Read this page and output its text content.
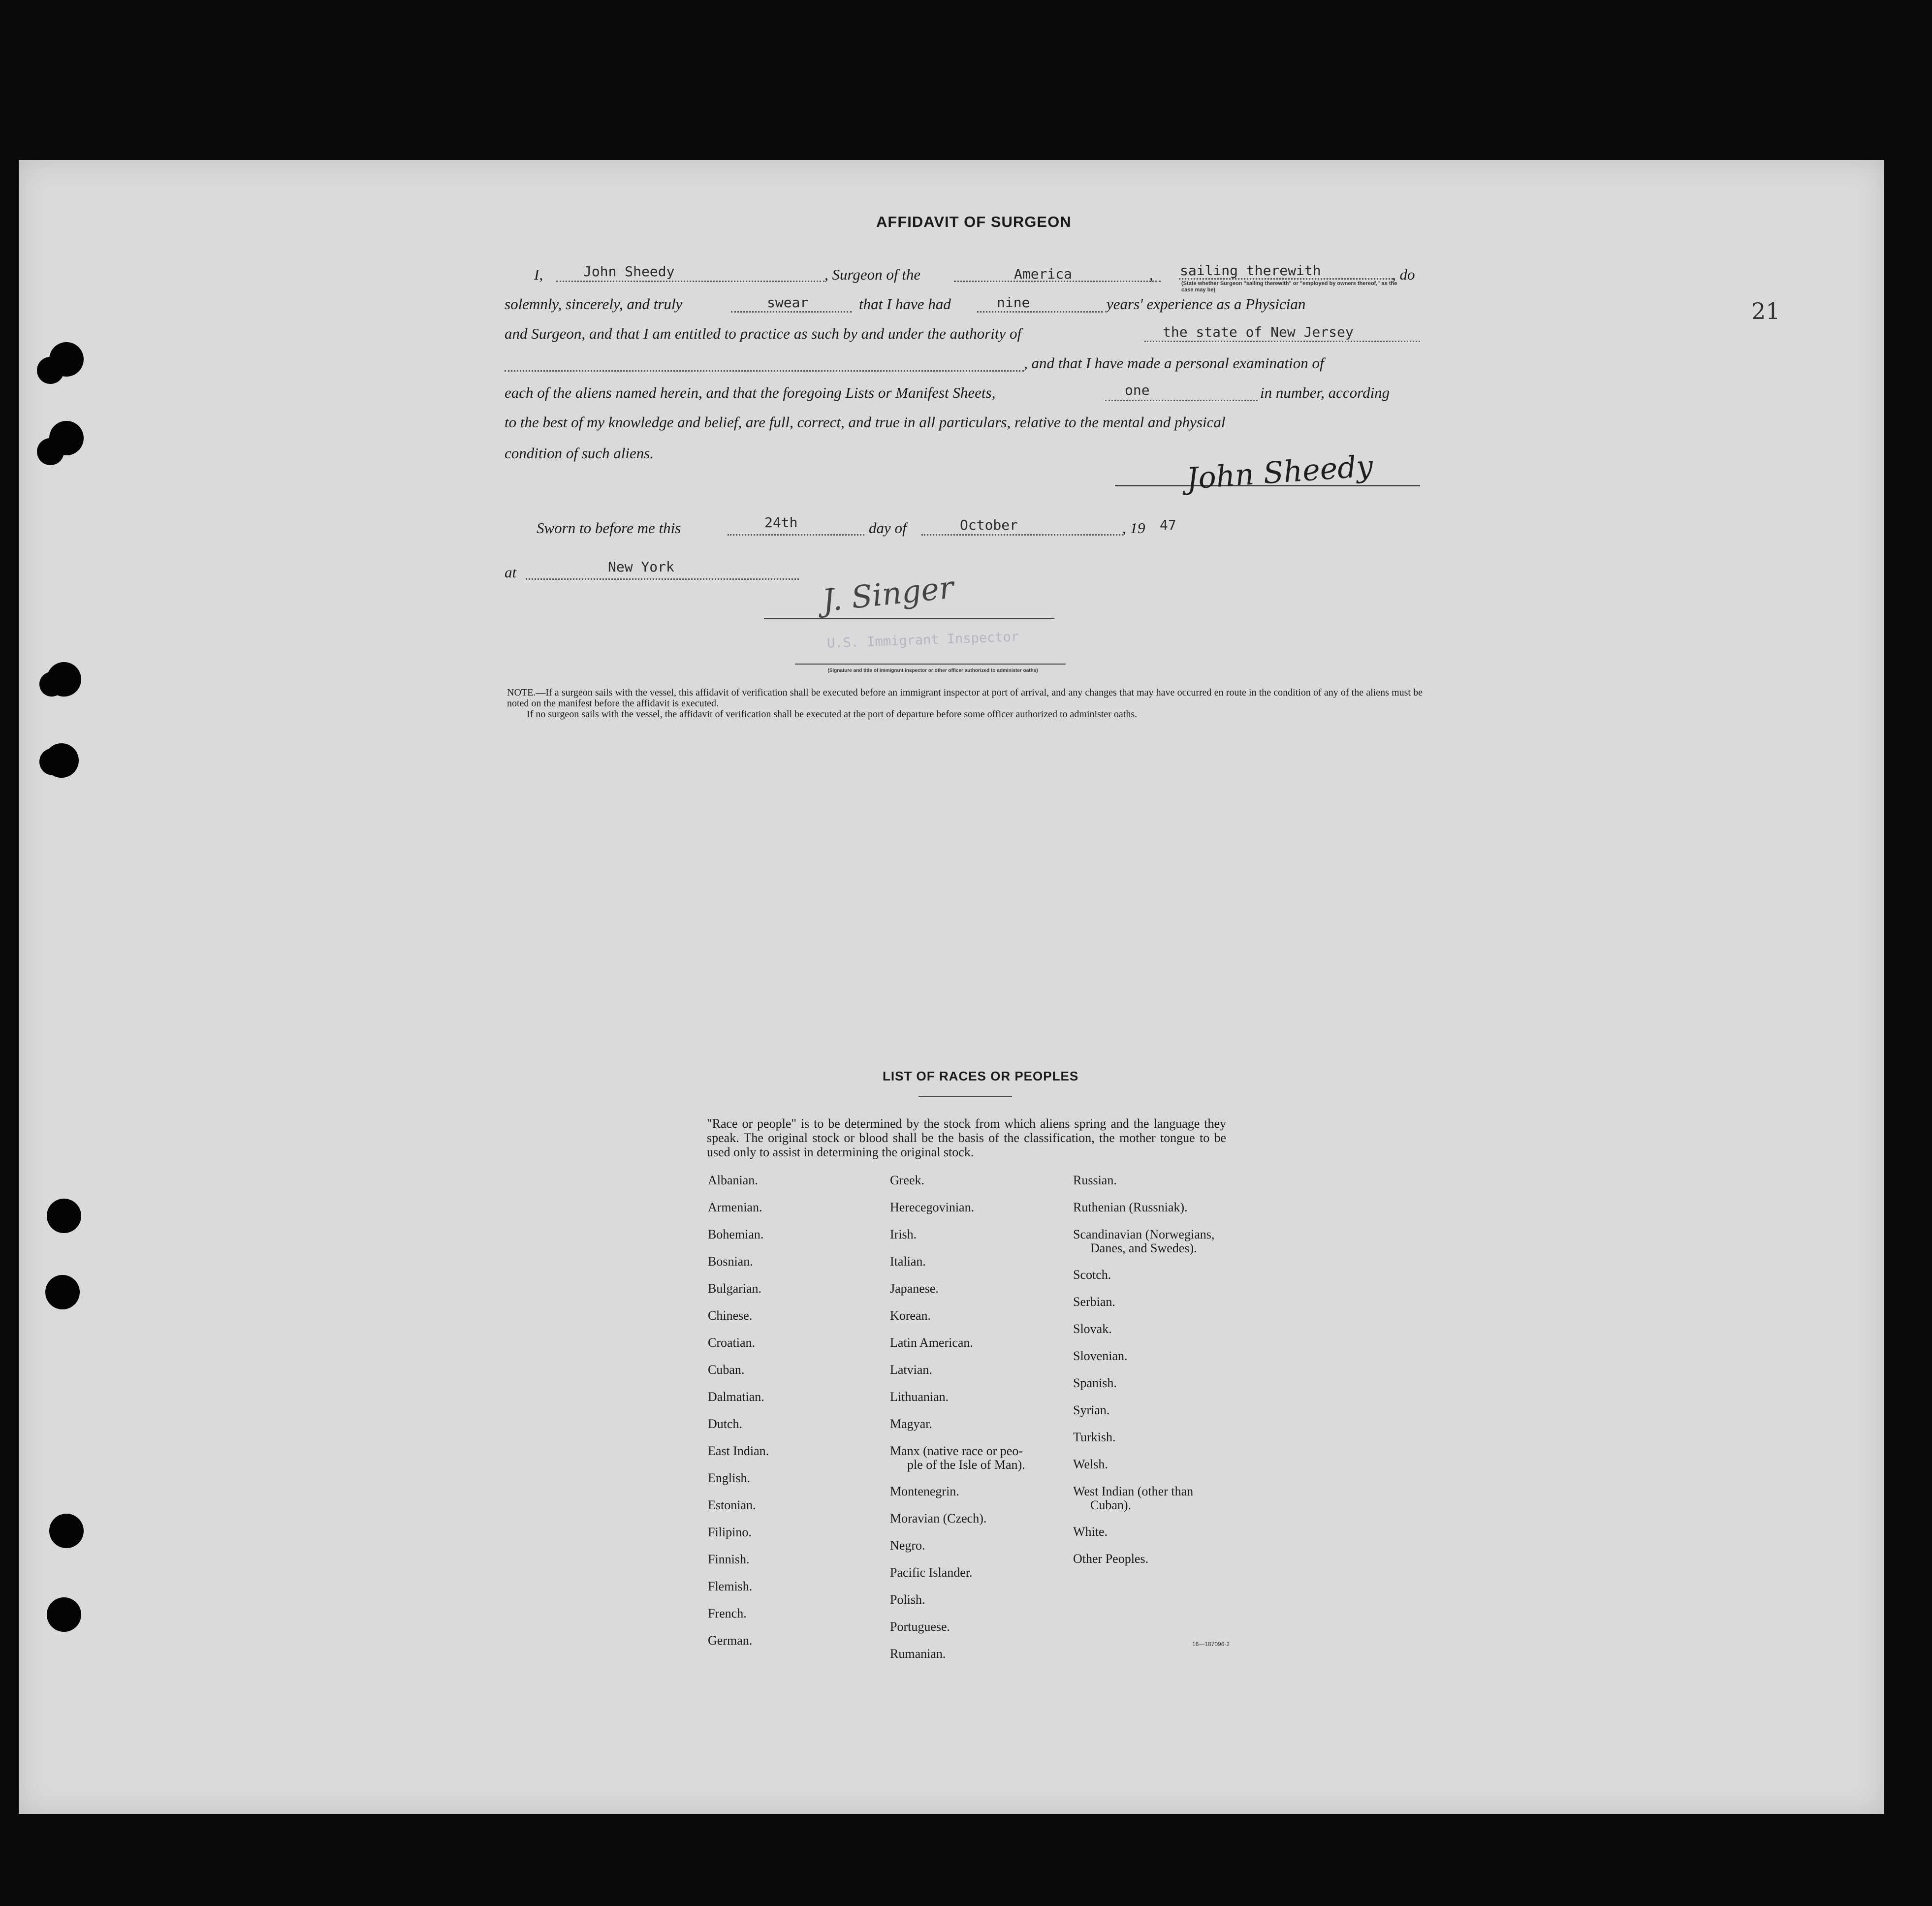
21
AFFIDAVIT OF SURGEON
I,	John Sheedy	, Surgeon of the	America	, sailing therewith	, do
(State whether Surgeon "sailing therewith" or "employed by owners thereof," as the case may be)
solemnly, sincerely, and truly	swear	that I have had	nine	years' experience as a Physician
and Surgeon, and that I am entitled to practice as such by and under the authority of	the state of New Jersey
, and that I have made a personal examination of
each of the aliens named herein, and that the foregoing Lists or Manifest Sheets,	one	in number, according
to the best of my knowledge and belief, are full, correct, and true in all particulars, relative to the mental and physical
condition of such aliens.	John Sheedy
Sworn to before me this	24th	day of	October	, 19 47
at	New York
J. Singer
U.S. Immigrant Inspector
(Signature and title of immigrant inspector or other officer authorized to administer oaths)

NOTE.—If a surgeon sails with the vessel, this affidavit of verification shall be executed before an immigrant inspector at port of arrival, and any changes that may have occurred en route in the condition of any of the aliens must be noted on the manifest before the affidavit is executed.

If no surgeon sails with the vessel, the affidavit of verification shall be executed at the port of departure before some officer authorized to administer oaths.

LIST OF RACES OR PEOPLES
"Race or people" is to be determined by the stock from which aliens spring and the language they speak. The original stock or blood shall be the basis of the classification, the mother tongue to be used only to assist in determining the original stock.
Albanian.
Armenian.
Bohemian.
Bosnian.
Bulgarian.
Chinese.
Croatian.
Cuban.
Dalmatian.
Dutch.
East Indian.
English.
Estonian.
Filipino.
Finnish.
Flemish.
French.
German.
Greek.
Herecegovinian.
Irish.
Italian.
Japanese.
Korean.
Latin American.
Latvian.
Lithuanian.
Magyar.
Manx (native race or peo-
ple of the Isle of Man).
Montenegrin.
Moravian (Czech).
Negro.
Pacific Islander.
Polish.
Portuguese.
Rumanian.
Russian.
Ruthenian (Russniak).
Scandinavian (Norwegians,
Danes, and Swedes).
Scotch.
Serbian.
Slovak.
Slovenian.
Spanish.
Syrian.
Turkish.
Welsh.
West Indian (other than
Cuban).
White.
Other Peoples.
16—187096-2
